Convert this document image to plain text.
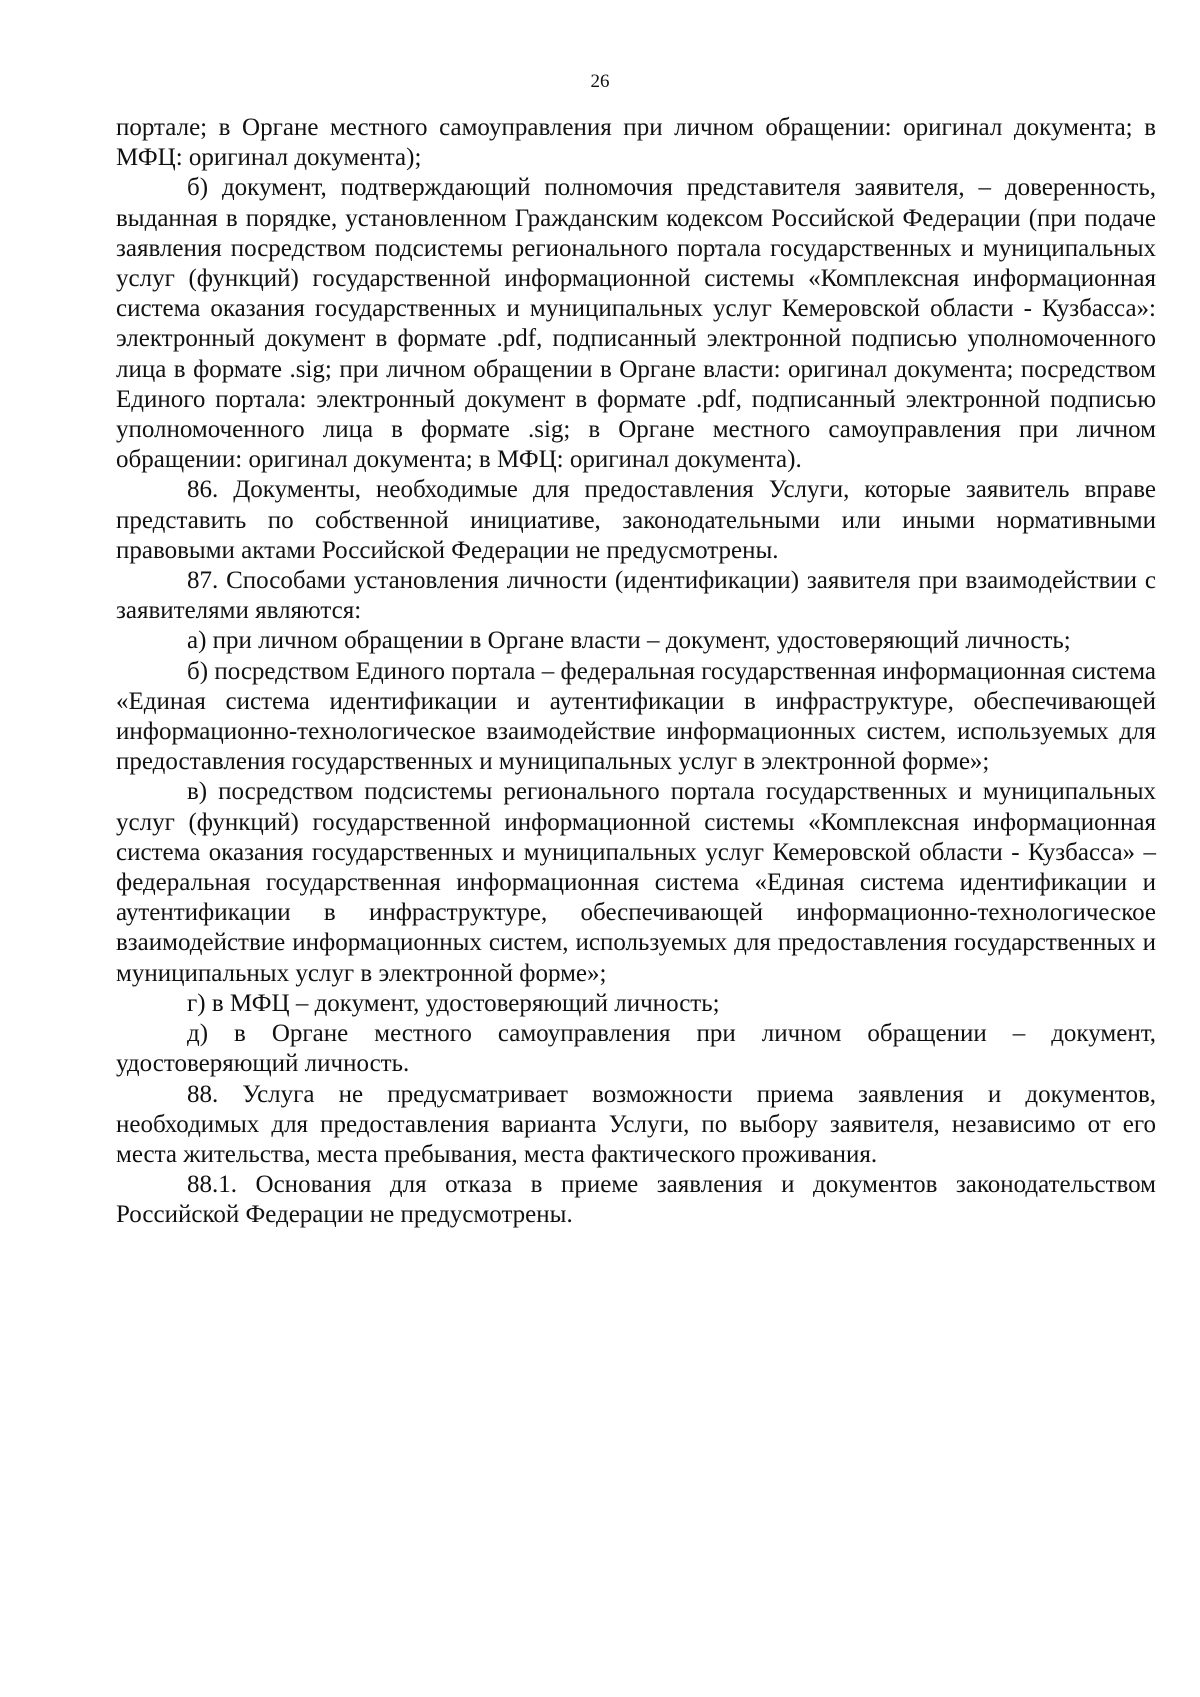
26

портале; в Органе местного самоуправления при личном обращении: оригинал документа; в МФЦ: оригинал документа);

б) документ, подтверждающий полномочия представителя заявителя, – доверенность, выданная в порядке, установленном Гражданским кодексом Российской Федерации (при подаче заявления посредством подсистемы регионального портала государственных и муниципальных услуг (функций) государственной информационной системы «Комплексная информационная система оказания государственных и муниципальных услуг Кемеровской области - Кузбасса»: электронный документ в формате .pdf, подписанный электронной подписью уполномоченного лица в формате .sig; при личном обращении в Органе власти: оригинал документа; посредством Единого портала: электронный документ в формате .pdf, подписанный электронной подписью уполномоченного лица в формате .sig; в Органе местного самоуправления при личном обращении: оригинал документа; в МФЦ: оригинал документа).

86. Документы, необходимые для предоставления Услуги, которые заявитель вправе представить по собственной инициативе, законодательными или иными нормативными правовыми актами Российской Федерации не предусмотрены.

87. Способами установления личности (идентификации) заявителя при взаимодействии с заявителями являются:

а) при личном обращении в Органе власти – документ, удостоверяющий личность;

б) посредством Единого портала – федеральная государственная информационная система «Единая система идентификации и аутентификации в инфраструктуре, обеспечивающей информационно-технологическое взаимодействие информационных систем, используемых для предоставления государственных и муниципальных услуг в электронной форме»;

в) посредством подсистемы регионального портала государственных и муниципальных услуг (функций) государственной информационной системы «Комплексная информационная система оказания государственных и муниципальных услуг Кемеровской области - Кузбасса» – федеральная государственная информационная система «Единая система идентификации и аутентификации в инфраструктуре, обеспечивающей информационно-технологическое взаимодействие информационных систем, используемых для предоставления государственных и муниципальных услуг в электронной форме»;

г) в МФЦ – документ, удостоверяющий личность;

д) в Органе местного самоуправления при личном обращении – документ, удостоверяющий личность.

88. Услуга не предусматривает возможности приема заявления и документов, необходимых для предоставления варианта Услуги, по выбору заявителя, независимо от его места жительства, места пребывания, места фактического проживания.

88.1. Основания для отказа в приеме заявления и документов законодательством Российской Федерации не предусмотрены.
